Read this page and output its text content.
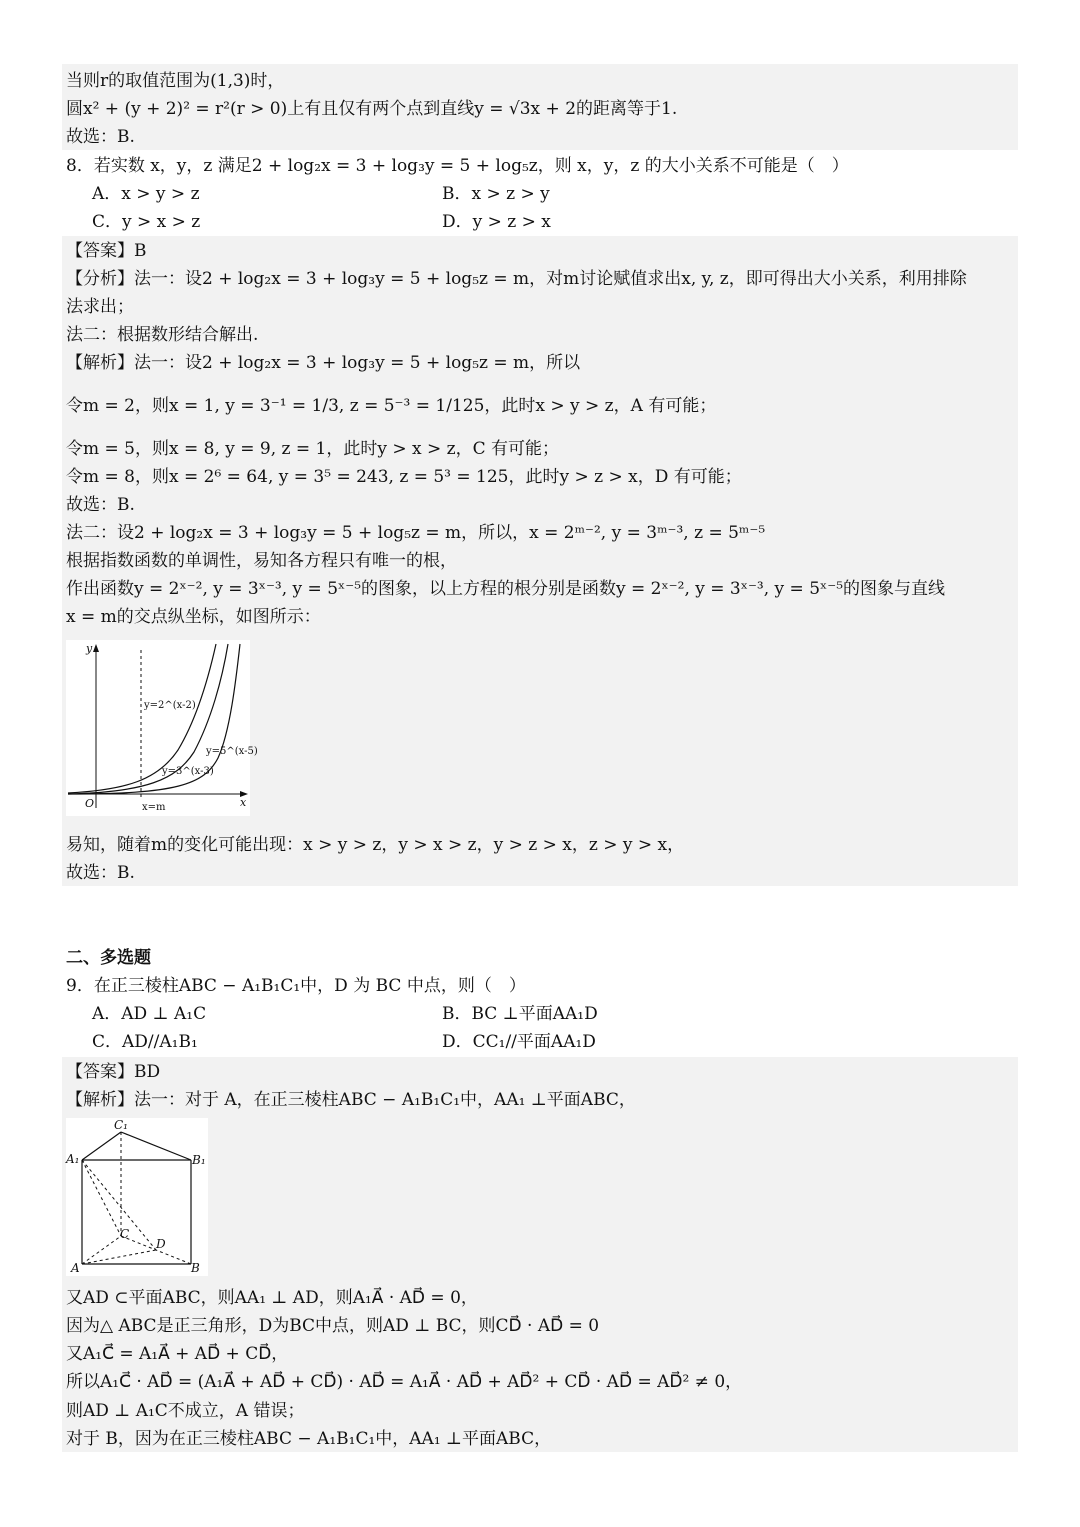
当则r的取值范围为(1,3)时，
圆x² + (y + 2)² = r²(r > 0)上有且仅有两个点到直线y = √3x + 2的距离等于1.
故选：B.
8．若实数 x，y，z 满足2 + log₂x = 3 + log₃y = 5 + log₅z，则 x，y，z 的大小关系不可能是（　）
A．x > y > z	B．x > z > y
C．y > x > z	D．y > z > x
【答案】B
【分析】法一：设2 + log₂x = 3 + log₃y = 5 + log₅z = m，对m讨论赋值求出x, y, z，即可得出大小关系，利用排除
法求出；
法二：根据数形结合解出.
【解析】法一：设2 + log₂x = 3 + log₃y = 5 + log₅z = m，所以
令m = 2，则x = 1, y = 3⁻¹ = 1/3, z = 5⁻³ = 1/125，此时x > y > z，A 有可能；
令m = 5，则x = 8, y = 9, z = 1，此时y > x > z，C 有可能；
令m = 8，则x = 2⁶ = 64, y = 3⁵ = 243, z = 5³ = 125，此时y > z > x，D 有可能；
故选：B.
法二：设2 + log₂x = 3 + log₃y = 5 + log₅z = m，所以，x = 2ᵐ⁻², y = 3ᵐ⁻³, z = 5ᵐ⁻⁵
根据指数函数的单调性，易知各方程只有唯一的根，
作出函数y = 2ˣ⁻², y = 3ˣ⁻³, y = 5ˣ⁻⁵的图象，以上方程的根分别是函数y = 2ˣ⁻², y = 3ˣ⁻³, y = 5ˣ⁻⁵的图象与直线
x = m的交点纵坐标，如图所示：
y
x
O
y=2^(x-2)
y=3^(x-3)
y=5^(x-5)
x=m
易知，随着m的变化可能出现：x > y > z，y > x > z，y > z > x，z > y > x，
故选：B.
二、多选题
9．在正三棱柱ABC − A₁B₁C₁中，D 为 BC 中点，则（　）
A．AD ⊥ A₁C	B．BC ⊥平面AA₁D
C．AD//A₁B₁	D．CC₁//平面AA₁D
【答案】BD
【解析】法一：对于 A，在正三棱柱ABC − A₁B₁C₁中，AA₁ ⊥平面ABC，
C₁
A₁	B₁
C
D
A	B
又AD ⊂平面ABC，则AA₁ ⊥ AD，则A₁A⃗ · AD⃗ = 0，
因为△ ABC是正三角形，D为BC中点，则AD ⊥ BC，则CD⃗ · AD⃗ = 0
又A₁C⃗ = A₁A⃗ + AD⃗ + CD⃗，
所以A₁C⃗ · AD⃗ = (A₁A⃗ + AD⃗ + CD⃗) · AD⃗ = A₁A⃗ · AD⃗ + AD⃗² + CD⃗ · AD⃗ = AD⃗² ≠ 0，
则AD ⊥ A₁C不成立，A 错误；
对于 B，因为在正三棱柱ABC − A₁B₁C₁中，AA₁ ⊥平面ABC，
